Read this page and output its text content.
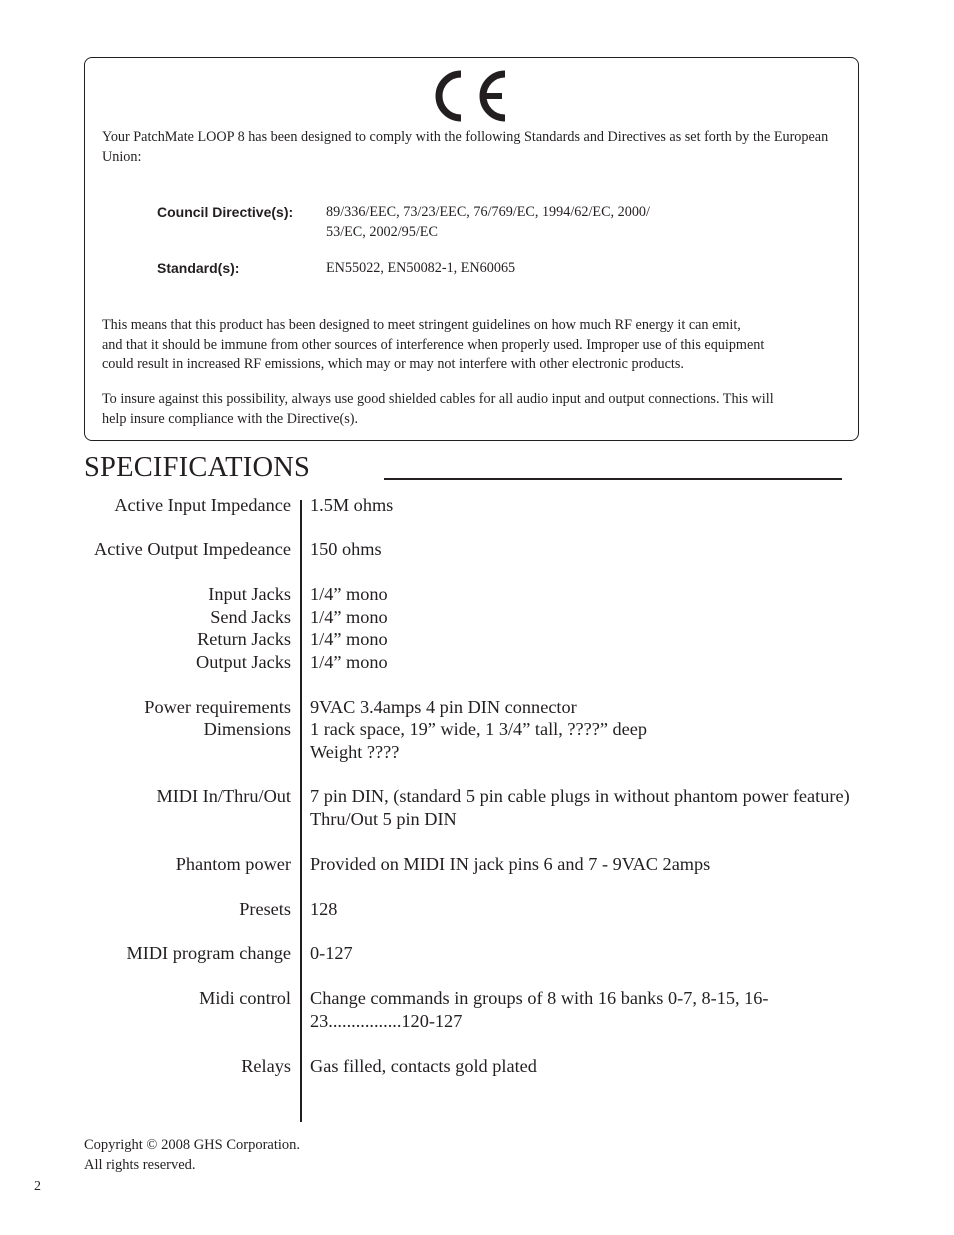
Your PatchMate LOOP 8 has been designed to comply with the following Standards and Directives as set forth by the European Union:

Council Directive(s): 89/336/EEC, 73/23/EEC, 76/769/EC, 1994/62/EC, 2000/
53/EC, 2002/95/EC
Standard(s):	EN55022, EN50082-1, EN60065
This means that this product has been designed to meet stringent guidelines on how much RF energy it can emit,
and that it should be immune from other sources of interference when properly used. Improper use of this equipment
could result in increased RF emissions, which may or may not interfere with other electronic products.
To insure against this possibility, always use good shielded cables for all audio input and output connections. This will
help insure compliance with the Directive(s).
SPECIFICATIONS
Active Input Impedance
Active Output Impedeance
Input Jacks
Send Jacks
Return Jacks
Output Jacks
Power requirements
Dimensions
MIDI In/Thru/Out
Phantom power
Presets
MIDI program change
Midi control
Relays
1.5M ohms
150 ohms
1/4” mono
1/4” mono
1/4” mono
1/4” mono
9VAC 3.4amps 4 pin DIN connector
1 rack space, 19” wide, 1 3/4” tall, ????” deep
Weight ????
7 pin DIN, (standard 5 pin cable plugs in without phantom power feature)
Thru/Out 5 pin DIN
Provided on MIDI IN jack pins 6 and 7 - 9VAC 2amps
128
0-127
Change commands in groups of 8 with 16 banks 0-7, 8-15, 16-
23................120-127
Gas filled, contacts gold plated
Copyright © 2008 GHS Corporation.
All rights reserved.
2
